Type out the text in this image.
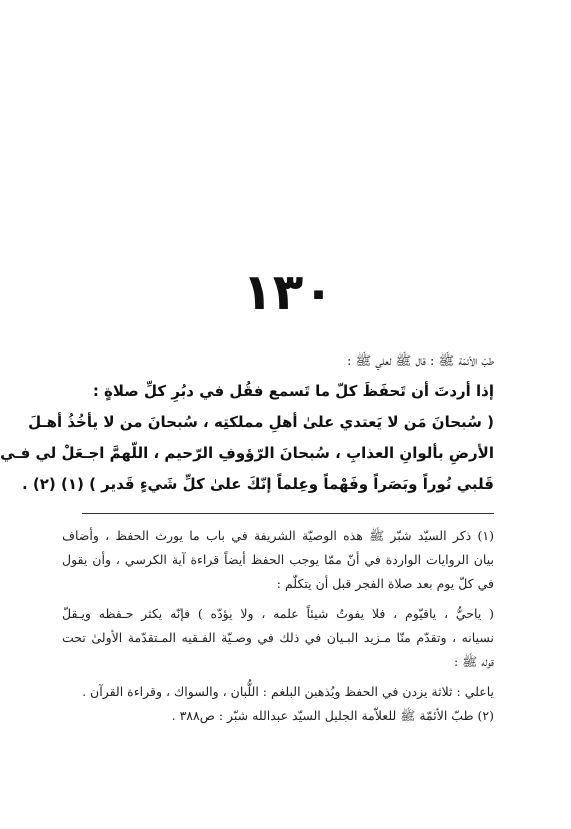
١٣٠
طبّ الأئمّة ﷺ : قال ﷺ لعلي ﷺ :
إذا أردتَ أن تَحفَظَ كلّ ما تَسمع فقُل في دبُرِ كلِّ صلاةٍ :
( سُبحانَ مَن لا يَعتدي علىٰ أهلِ مملكتِه ، سُبحانَ من لا يأخُذُ أهـلَ
الأرضِ بألوانِ العذابِ ، سُبحانَ الرّؤوفِ الرّحيم ، اللّهمَّ اجـعَلْ لي فـي
قَلبي نُوراً وبَصَراً وفَهْماً وعِلماً إنّكَ علىٰ كلِّ شَيءٍ قَدير ) (١) (٢) .
(١) ذكر السيّد شبّر ﷺ هذه الوصيّة الشريفة في باب ما يورث الحفظ ، وأضاف
بيان الروايات الواردة في أنّ ممّا يوجب الحفظ أيضاً قراءة آية الكرسي ، وأن يقول
في كلّ يوم بعد صلاة الفجر قبل أن يتكلّم :
( ياحيُّ ، ياقيّوم ، فلا يفوتُ شيئاً علمه ، ولا يؤدّه ) فإنّه يكثر حـفظه ويـقلّ
نسيانه ، وتقدّم منّا مـزيد البـيان في ذلك في وصـيّة الفـقيه المـتقدّمة الأولىٰ تحت
قوله ﷺ :
ياعلي : ثلاثة يزدن في الحفظ ويُذهبن البلغم : اللُّبان ، والسواك ، وقراءة القرآن .
(٢) طبّ الأئمّة ﷺ للعلاّمة الجليل السيّد عبدالله شبّر : ص٣٨٨ .
